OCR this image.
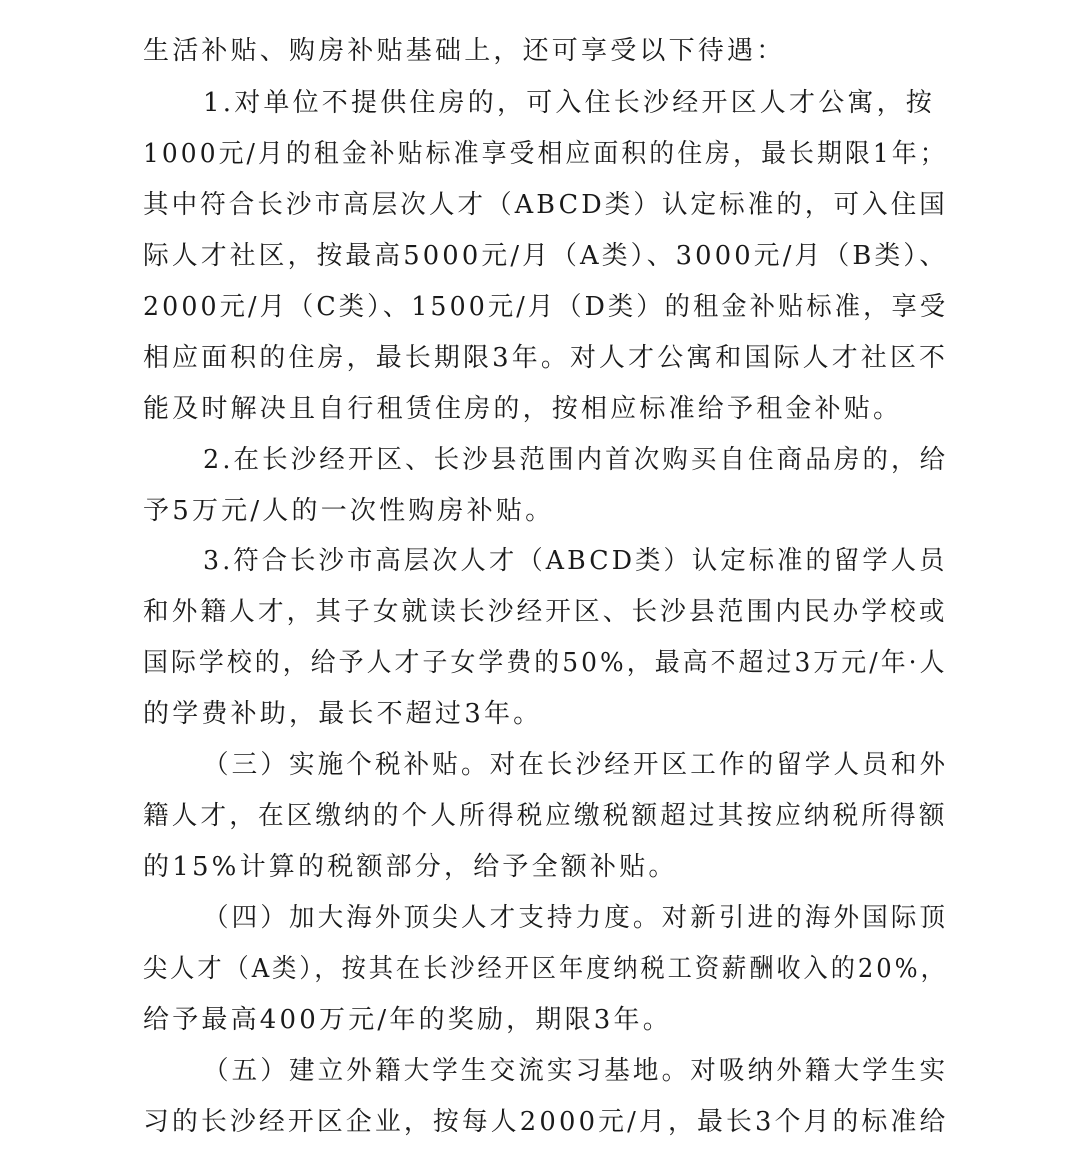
生活补贴、购房补贴基础上，还可享受以下待遇：
1.对单位不提供住房的，可入住长沙经开区人才公寓，按
1000元/月的租金补贴标准享受相应面积的住房，最长期限1年；
其中符合长沙市高层次人才（ABCD类）认定标准的，可入住国
际人才社区，按最高5000元/月（A类）、3000元/月（B类）、
2000元/月（C类）、1500元/月（D类）的租金补贴标准，享受
相应面积的住房，最长期限3年。对人才公寓和国际人才社区不
能及时解决且自行租赁住房的，按相应标准给予租金补贴。
2.在长沙经开区、长沙县范围内首次购买自住商品房的，给
予5万元/人的一次性购房补贴。
3.符合长沙市高层次人才（ABCD类）认定标准的留学人员
和外籍人才，其子女就读长沙经开区、长沙县范围内民办学校或
国际学校的，给予人才子女学费的50%，最高不超过3万元/年·人
的学费补助，最长不超过3年。
（三）实施个税补贴。对在长沙经开区工作的留学人员和外
籍人才，在区缴纳的个人所得税应缴税额超过其按应纳税所得额
的15%计算的税额部分，给予全额补贴。
（四）加大海外顶尖人才支持力度。对新引进的海外国际顶
尖人才（A类），按其在长沙经开区年度纳税工资薪酬收入的20%，
给予最高400万元/年的奖励，期限3年。
（五）建立外籍大学生交流实习基地。对吸纳外籍大学生实
习的长沙经开区企业，按每人2000元/月，最长3个月的标准给
